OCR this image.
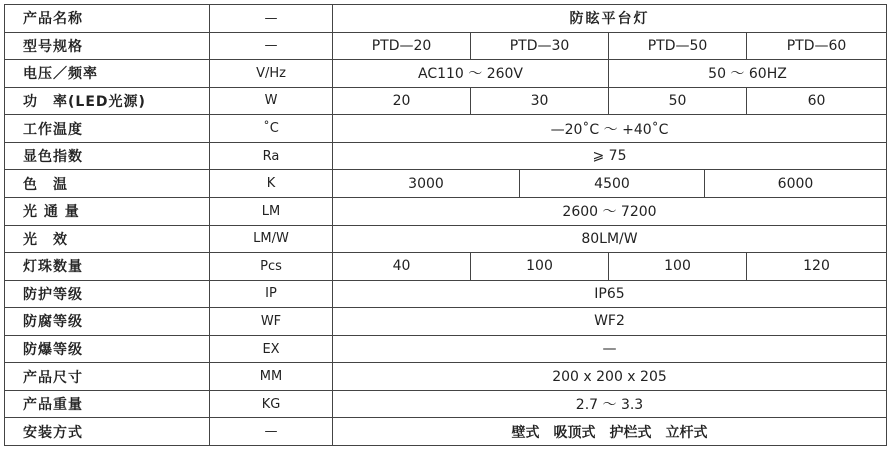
产品名称	—	防眩平台灯			
型号规格	—	PTD—20	PTD—30	PTD—50	PTD—60
电压／频率	V/Hz	AC110 ～ 260V		50 ～ 60HZ	
功　率(LED光源)	W	20	30	50	60
工作温度	˚C	—20˚C ～ +40˚C			
显色指数	Ra	⩾ 75			
色　温	K	3000 4500 6000			

光 通 量	LM	2600 ～ 7200			
光　效	LM/W	80LM/W			
灯珠数量	Pcs	40	100	100	120
防护等级	IP	IP65			
防腐等级	WF	WF2			
防爆等级	EX	—			
产品尺寸	MM	200 x 200 x 205			
产品重量	KG	2.7 ～ 3.3			
安装方式	—	壁式　吸顶式　护栏式　立杆式			
